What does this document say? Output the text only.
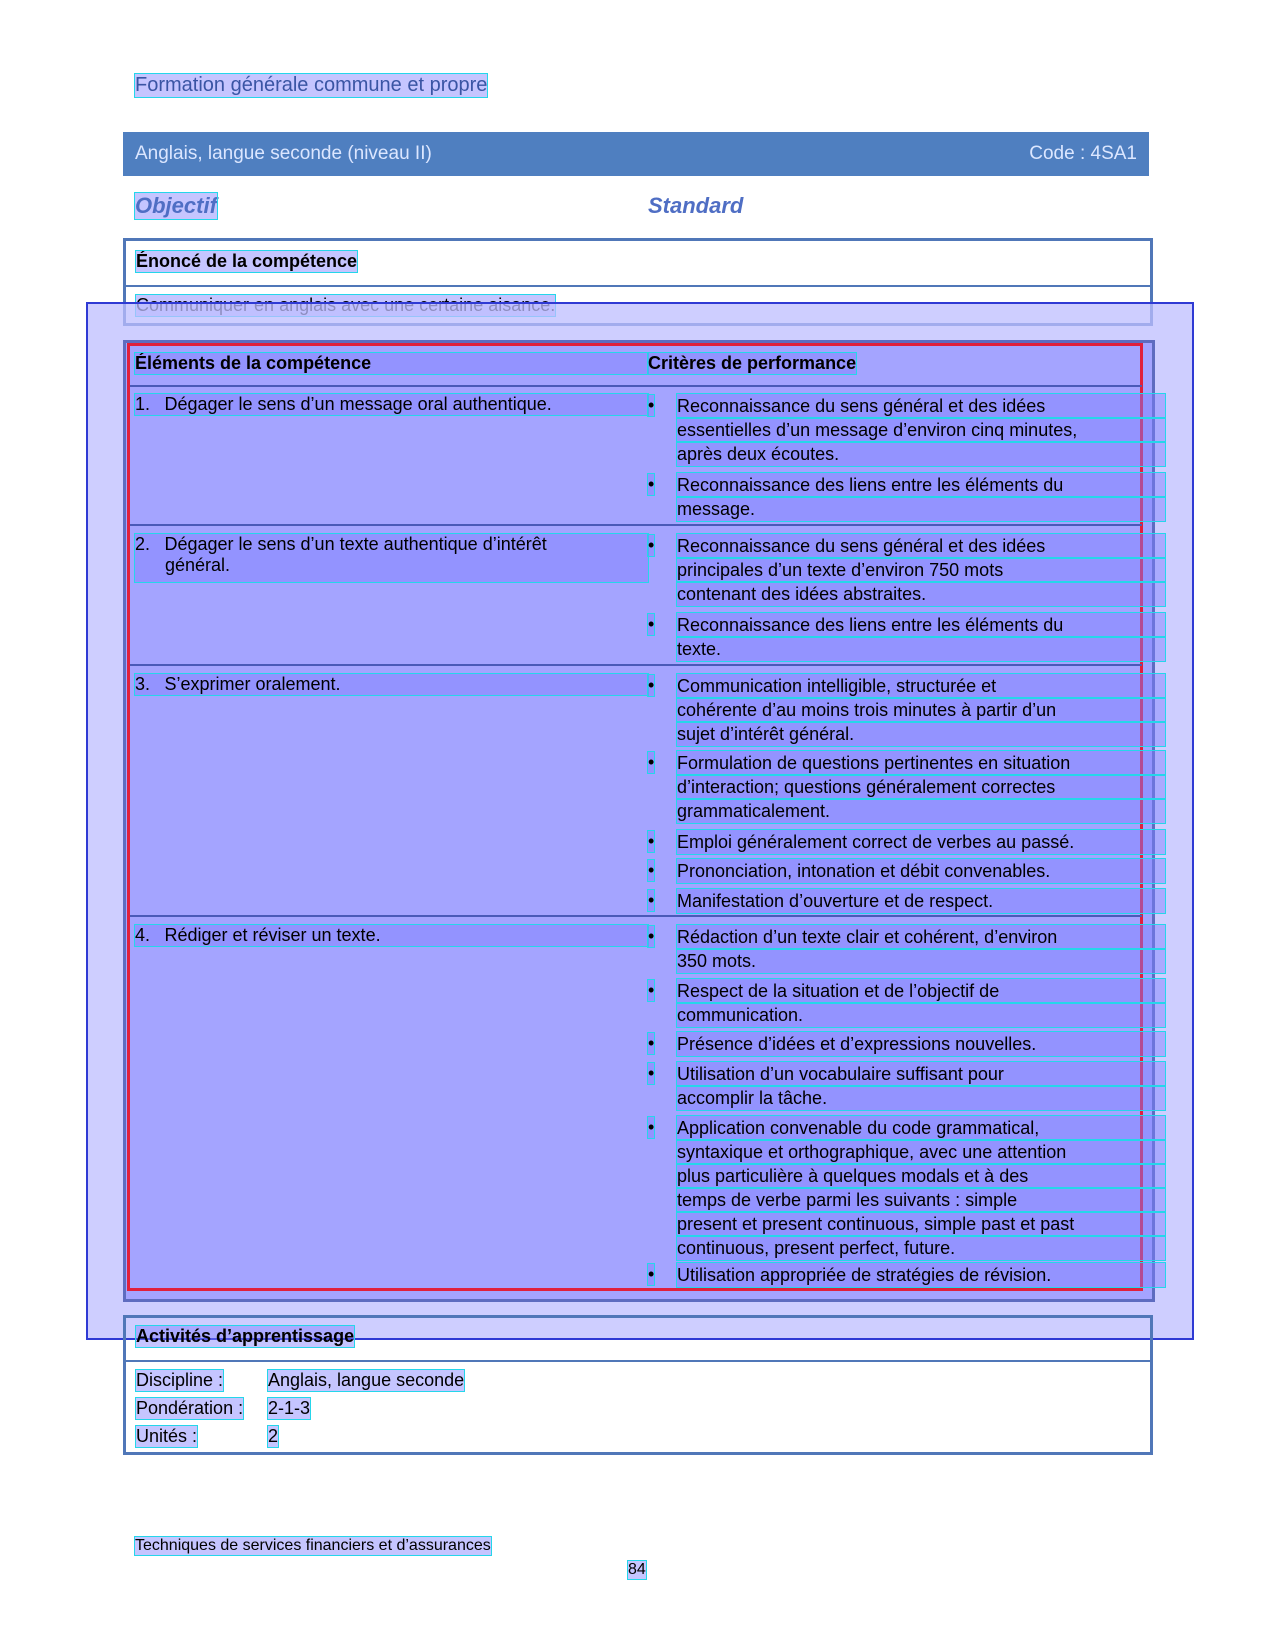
Formation générale commune et propre
Anglais, langue seconde (niveau II)	Code : 4SA1
Objectif	Standard
Énoncé de la compétence
Éléments de la compétence	Critères de performance
1. Dégager le sens d’un message oral authentique.	• Reconnaissance du sens général et des idées
essentielles d’un message d’environ cinq minutes,
après deux écoutes.
• Reconnaissance des liens entre les éléments du
message.
2. Dégager le sens d’un texte authentique d’intérêt
général.
• Reconnaissance du sens général et des idées
principales d’un texte d’environ 750 mots
contenant des idées abstraites.
• Reconnaissance des liens entre les éléments du
texte.
3. S’exprimer oralement.	• Communication intelligible, structurée et
cohérente d’au moins trois minutes à partir d’un
sujet d’intérêt général.
• Formulation de questions pertinentes en situation
d’interaction; questions généralement correctes
grammaticalement.
• Emploi généralement correct de verbes au passé.
• Prononciation, intonation et débit convenables.
• Manifestation d’ouverture et de respect.
4. Rédiger et réviser un texte.	• Rédaction d’un texte clair et cohérent, d’environ
350 mots.
• Respect de la situation et de l’objectif de
communication.
• Présence d’idées et d’expressions nouvelles.
• Utilisation d’un vocabulaire suffisant pour
accomplir la tâche.
• Application convenable du code grammatical,
syntaxique et orthographique, avec une attention
plus particulière à quelques modals et à des
temps de verbe parmi les suivants : simple
present et present continuous, simple past et past
continuous, present perfect, future.
• Utilisation appropriée de stratégies de révision.
Activités d’apprentissage
Discipline : Anglais, langue seconde
Pondération : 2-1-3
Unités :	2
Techniques de services financiers et d’assurances
84
